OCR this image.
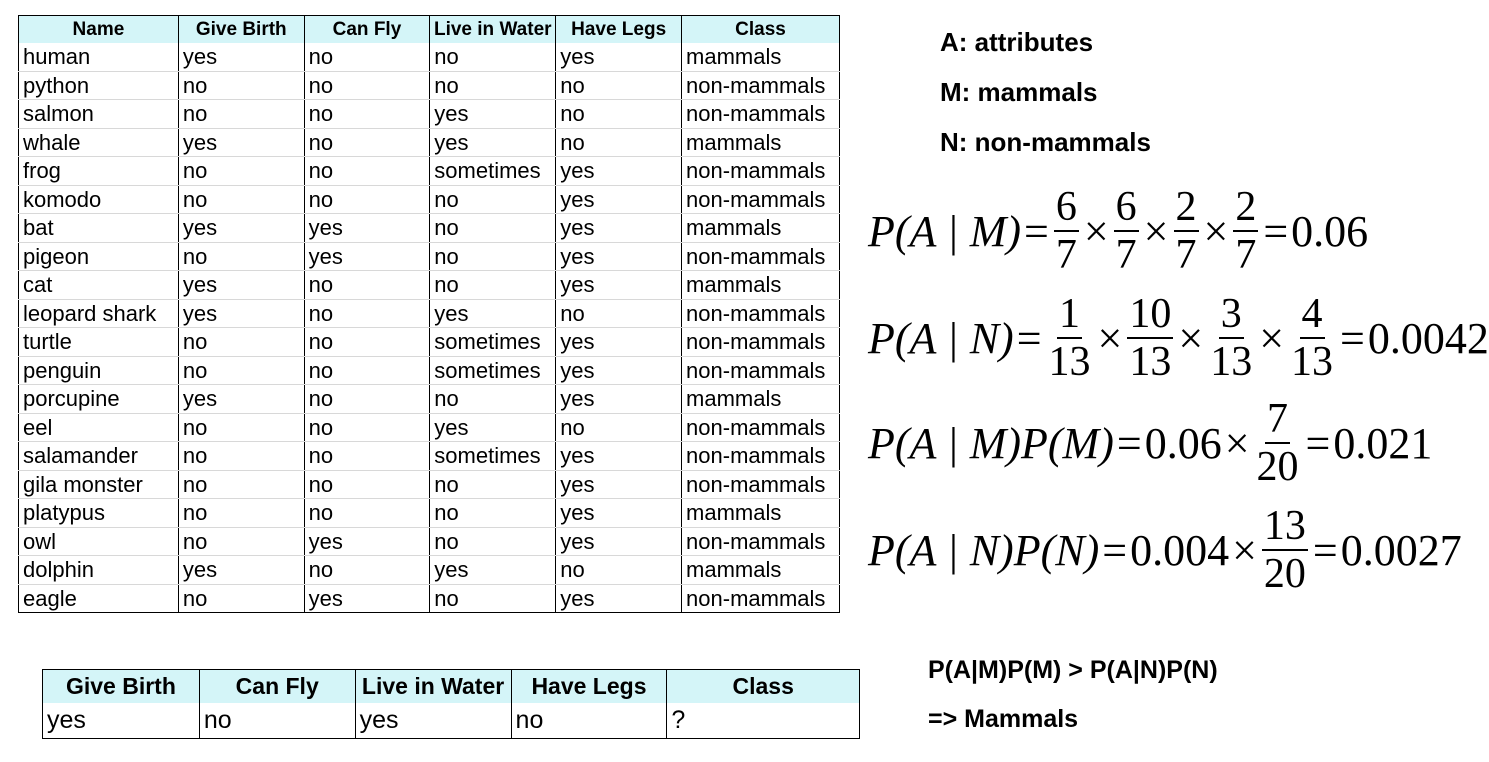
Name	Give Birth	Can Fly	Live in Water	Have Legs	Class
human	yes	no	no	yes	mammals
python	no	no	no	no	non-mammals
salmon	no	no	yes	no	non-mammals
whale	yes	no	yes	no	mammals
frog	no	no	sometimes	yes	non-mammals
komodo	no	no	no	yes	non-mammals
bat	yes	yes	no	yes	mammals
pigeon	no	yes	no	yes	non-mammals
cat	yes	no	no	yes	mammals
leopard shark	yes	no	yes	no	non-mammals
turtle	no	no	sometimes	yes	non-mammals
penguin	no	no	sometimes	yes	non-mammals
porcupine	yes	no	no	yes	mammals
eel	no	no	yes	no	non-mammals
salamander	no	no	sometimes	yes	non-mammals
gila monster	no	no	no	yes	non-mammals
platypus	no	no	no	yes	mammals
owl	no	yes	no	yes	non-mammals
dolphin	yes	no	yes	no	mammals
eagle	no	yes	no	yes	non-mammals
A: attributes
M: mammals
N: non-mammals
P(A | $M) = \frac{6}{7} \times \frac{6}{7} \times \frac{2}{7} \times \frac{2}{7} = 0.06$
P(A | $N) = \frac{1}{13} \times \frac{10}{13} \times \frac{3}{13} \times \frac{4}{13} = 0.0042$
P(A | $M)P(M) = 0.06 \times \frac{7}{20} = 0.021$
P(A | $N)P(N) = 0.004 \times \frac{13}{20} = 0.0027$
Give Birth	Can Fly	Live in Water	Have Legs	Class
yes	no	yes	no	?
P(A|M)P(M) > P(A|N)P(N)
=> Mammals
